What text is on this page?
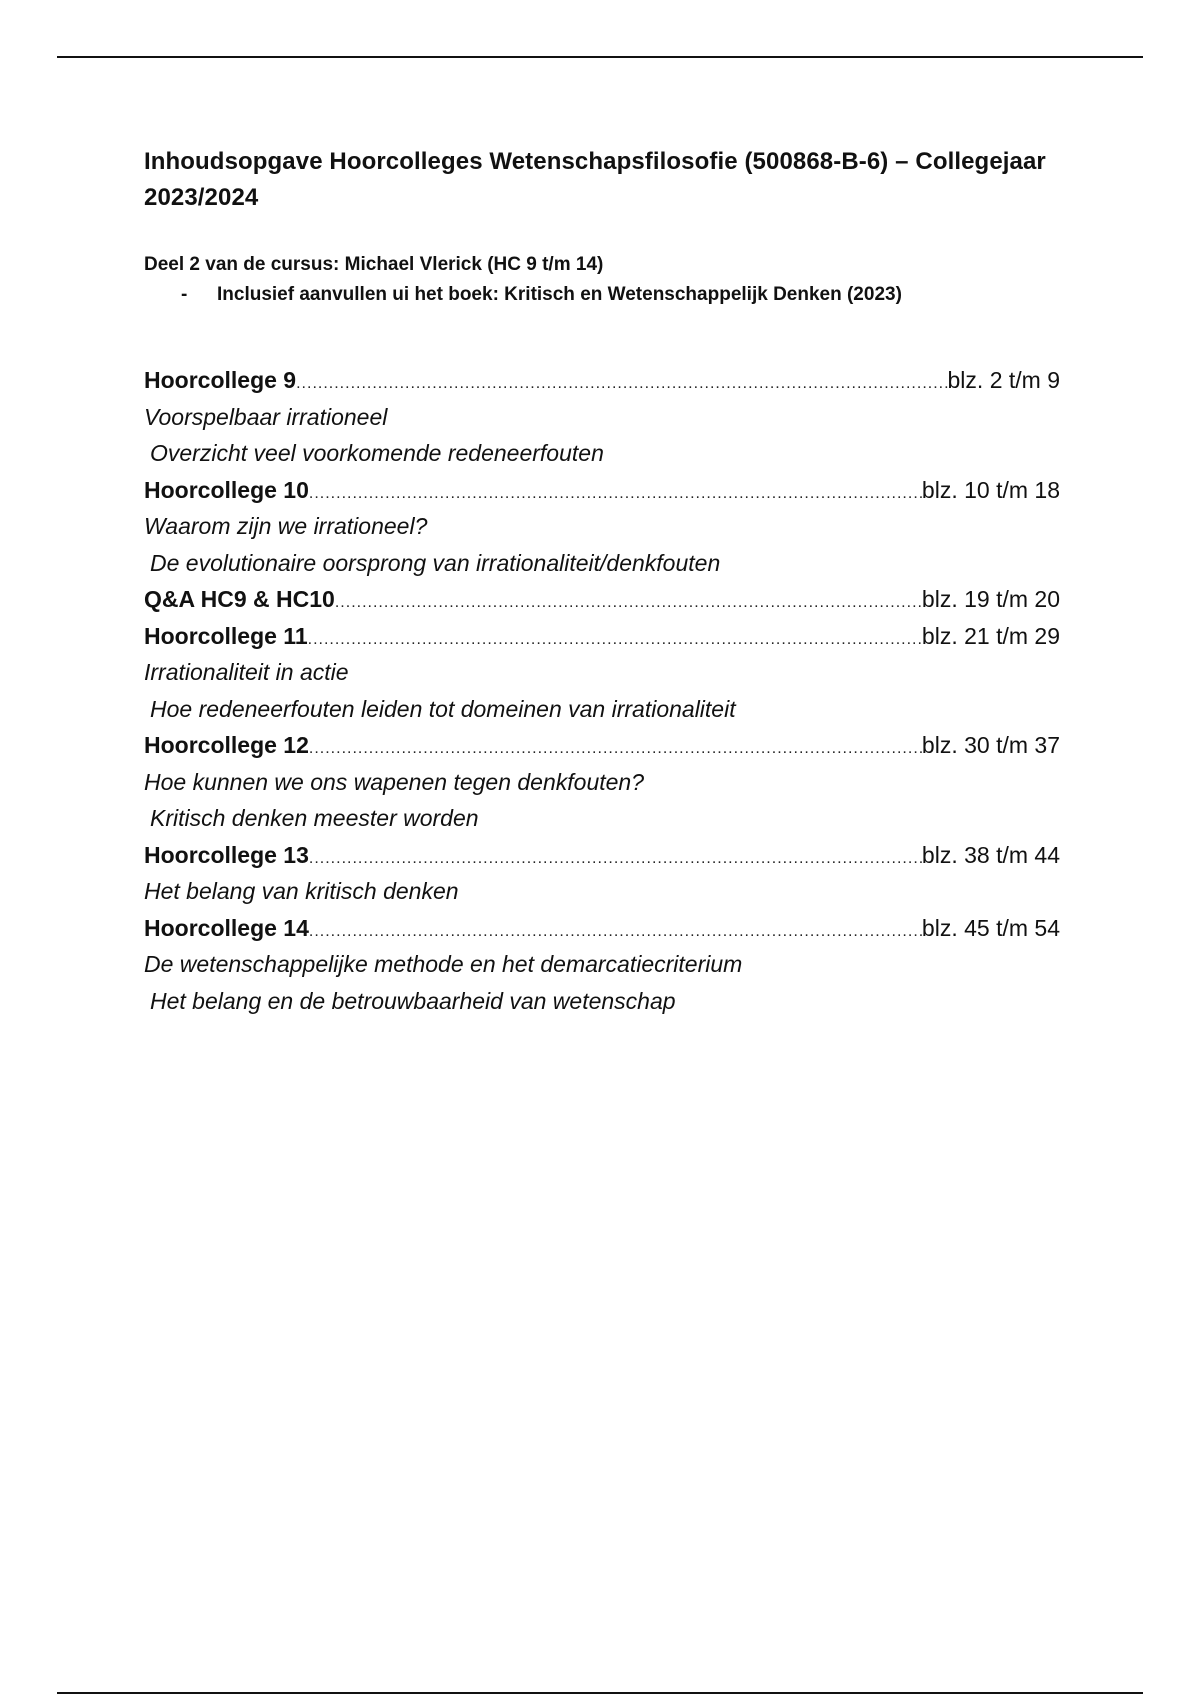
Inhoudsopgave Hoorcolleges Wetenschapsfilosofie (500868-B-6) – Collegejaar 2023/2024
Deel 2 van de cursus: Michael Vlerick (HC 9 t/m 14)
- Inclusief aanvullen ui het boek: Kritisch en Wetenschappelijk Denken (2023)
Hoorcollege 9 .....	blz. 2 t/m 9
Voorspelbaar irrationeel
Overzicht veel voorkomende redeneerfouten
Hoorcollege 10 .....	blz. 10 t/m 18
Waarom zijn we irrationeel?
De evolutionaire oorsprong van irrationaliteit/denkfouten
Q&A HC9 & HC10 .....	blz. 19 t/m 20
Hoorcollege 11 .....	blz. 21 t/m 29
Irrationaliteit in actie
Hoe redeneerfouten leiden tot domeinen van irrationaliteit
Hoorcollege 12 .....	blz. 30 t/m 37
Hoe kunnen we ons wapenen tegen denkfouten?
Kritisch denken meester worden
Hoorcollege 13 .....	blz. 38 t/m 44
Het belang van kritisch denken
Hoorcollege 14 .....	blz. 45 t/m 54
De wetenschappelijke methode en het demarcatiecriterium
Het belang en de betrouwbaarheid van wetenschap
